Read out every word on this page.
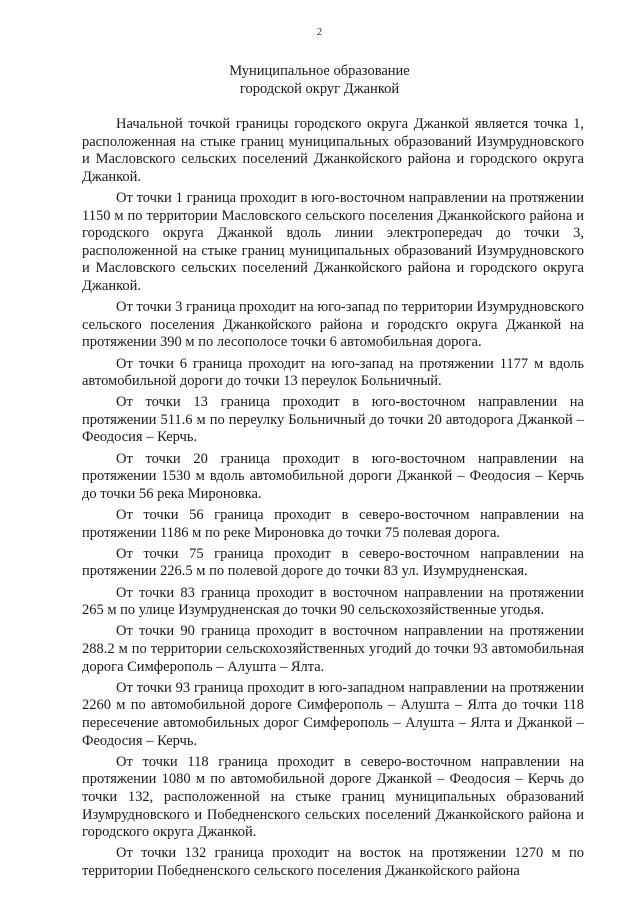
2
Муниципальное образование
городской округ Джанкой

Начальной точкой границы городского округа Джанкой является точка 1, расположенная на стыке границ муниципальных образований Изумрудновского и Масловского сельских поселений Джанкойского района и городского округа Джанкой.

От точки 1 граница проходит в юго-восточном направлении на протяжении 1150 м по территории Масловского сельского поселения Джанкойского района и городского округа Джанкой вдоль линии электропередач до точки 3, расположенной на стыке границ муниципальных образований Изумрудновского и Масловского сельских поселений Джанкойского района и городского округа Джанкой.

От точки 3 граница проходит на юго-запад по территории Изумрудновского сельского поселения Джанкойского района и городскго округа Джанкой на протяжении 390 м по лесополосе точки 6 автомобильная дорога.

От точки 6 граница проходит на юго-запад на протяжении 1177 м вдоль автомобильной дороги до точки 13 переулок Больничный.

От точки 13 граница проходит в юго-восточном направлении на протяжении 511.6 м по переулку Больничный до точки 20 автодорога Джанкой – Феодосия – Керчь.

От точки 20 граница проходит в юго-восточном направлении на протяжении 1530 м вдоль автомобильной дороги Джанкой – Феодосия – Керчь до точки 56 река Мироновка.

От точки 56 граница проходит в северо-восточном направлении на протяжении 1186 м по реке Мироновка до точки 75 полевая дорога.

От точки 75 граница проходит в северо-восточном направлении на протяжении 226.5 м по полевой дороге до точки 83 ул. Изумрудненская.

От точки 83 граница проходит в восточном направлении на протяжении 265 м по улице Изумрудненская до точки 90 сельскохозяйственные угодья.

От точки 90 граница проходит в восточном направлении на протяжении 288.2 м по территории сельскохозяйственных угодий до точки 93 автомобильная дорога Симферополь – Алушта – Ялта.

От точки 93 граница проходит в юго-западном направлении на протяжении 2260 м по автомобильной дороге Симферополь – Алушта – Ялта до точки 118 пересечение автомобильных дорог Симферополь – Алушта – Ялта и Джанкой – Феодосия – Керчь.

От точки 118 граница проходит в северо-восточном направлении на протяжении 1080 м по автомобильной дороге Джанкой – Феодосия – Керчь до точки 132, расположенной на стыке границ муниципальных образований Изумрудновского и Победненского сельских поселений Джанкойского района и городского округа Джанкой.

От точки 132 граница проходит на восток на протяжении 1270 м по территории Победненского сельского поселения Джанкойского района
